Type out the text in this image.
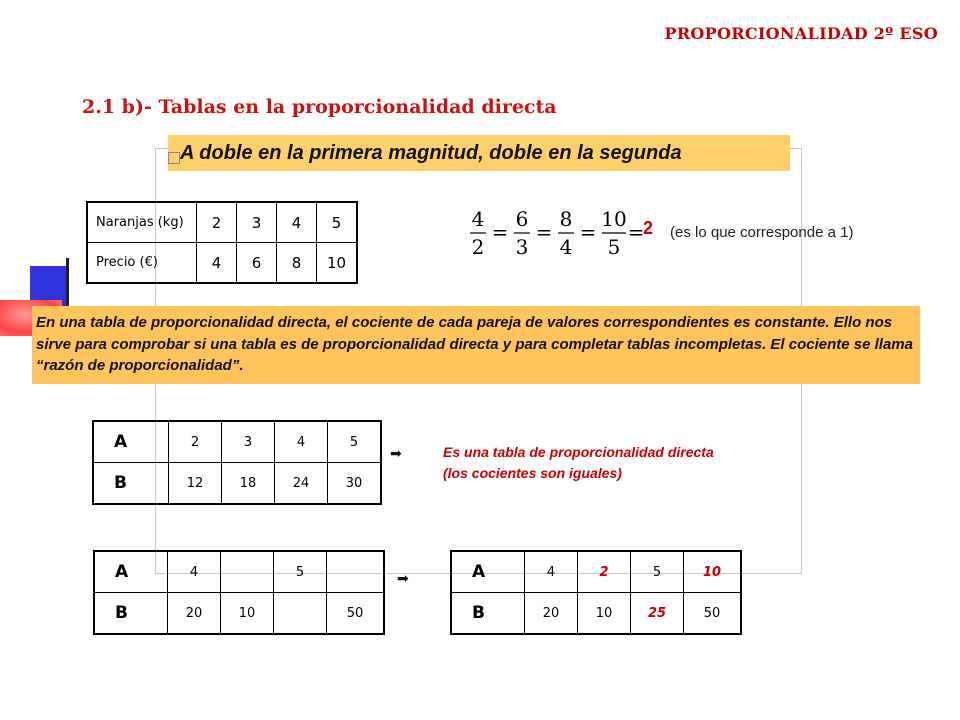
PROPORCIONALIDAD 2º ESO
2.1 b)- Tablas en la proporcionalidad directa
A doble en la primera magnitud, doble en la segunda
Naranjas (kg)	2	3	4	5
Precio (€)	4	6	8	10
4
2
=
6
3
=
8
4
=
10
5
=
2 (es lo que corresponde a 1)
En una tabla de proporcionalidad directa, el cociente de cada pareja de valores correspondientes es constante. Ello nos sirve para comprobar si una tabla es de proporcionalidad directa y para completar tablas incompletas. El cociente se llama “razón de proporcionalidad”.
A	2	3	4	5
B	12	18	24	30
➡	Es una tabla de proporcionalidad directa
(los cocientes son iguales)
A	4		5	
B	20	10		50
➡	A	4	2	5	10
B	20	10	25	50
